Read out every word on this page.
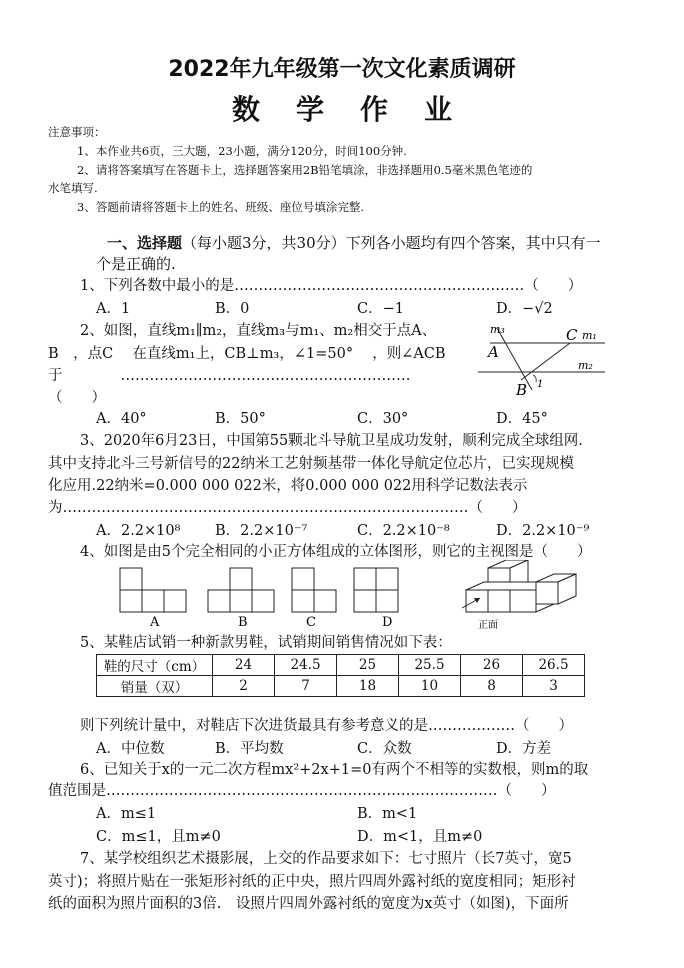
2022年九年级第一次文化素质调研
数学作业
注意事项：
1、本作业共6页，三大题，23小题，满分120分，时间100分钟.
2、请将答案填写在答题卡上，选择题答案用2B铅笔填涂，非选择题用0.5毫米黑色笔迹的
水笔填写.
3、答题前请将答题卡上的姓名、班级、座位号填涂完整.
一、选择题（每小题3分，共30分）下列各小题均有四个答案，其中只有一
个是正确的.
1、下列各数中最小的是……………………………………………………（　　）
A．1	B．0	C．−1	D．−√2
2、如图，直线m₁∥m₂，直线m₃与m₁、m₂相交于点A、
B　，点C　 在直线m₁上，CB⊥m₃，∠1=50°　 ，则∠ACB
于　　　　……………………………………………………
（　　）
m₃
A
C m₁
B 1
m₂
A．40°	B．50°	C．30°	D．45°
3、2020年6月23日，中国第55颗北斗导航卫星成功发射，顺利完成全球组网.
其中支持北斗三号新信号的22纳米工艺射频基带一体化导航定位芯片，已实现规模
化应用.22纳米=0.000 000 022米，将0.000 000 022用科学记数法表示
为…………………………………………………………………………（　　）
A．2.2×10⁸ B．2.2×10⁻⁷	C．2.2×10⁻⁸	D．2.2×10⁻⁹
4、如图是由5个完全相同的小正方体组成的立体图形，则它的主视图是（　　）
A	B	C	D	正面
5、某鞋店试销一种新款男鞋，试销期间销售情况如下表：
鞋的尺寸（cm）	24	24.5	25	25.5	26	26.5
销量（双）	2	7	18	10	8	3
则下列统计量中，对鞋店下次进货最具有参考意义的是………………（　　）
A．中位数	B．平均数	C．众数	D．方差
6、已知关于x的一元二次方程mx²+2x+1=0有两个不相等的实数根，则m的取
值范围是………………………………………………………………………（　　）
A．m≤1	B．m<1
C．m≤1，且m≠0	D．m<1，且m≠0
7、某学校组织艺术摄影展，上交的作品要求如下：七寸照片（长7英寸，宽5
英寸)；将照片贴在一张矩形衬纸的正中央，照片四周外露衬纸的宽度相同；矩形衬
纸的面积为照片面积的3倍.　设照片四周外露衬纸的宽度为x英寸（如图)，下面所
